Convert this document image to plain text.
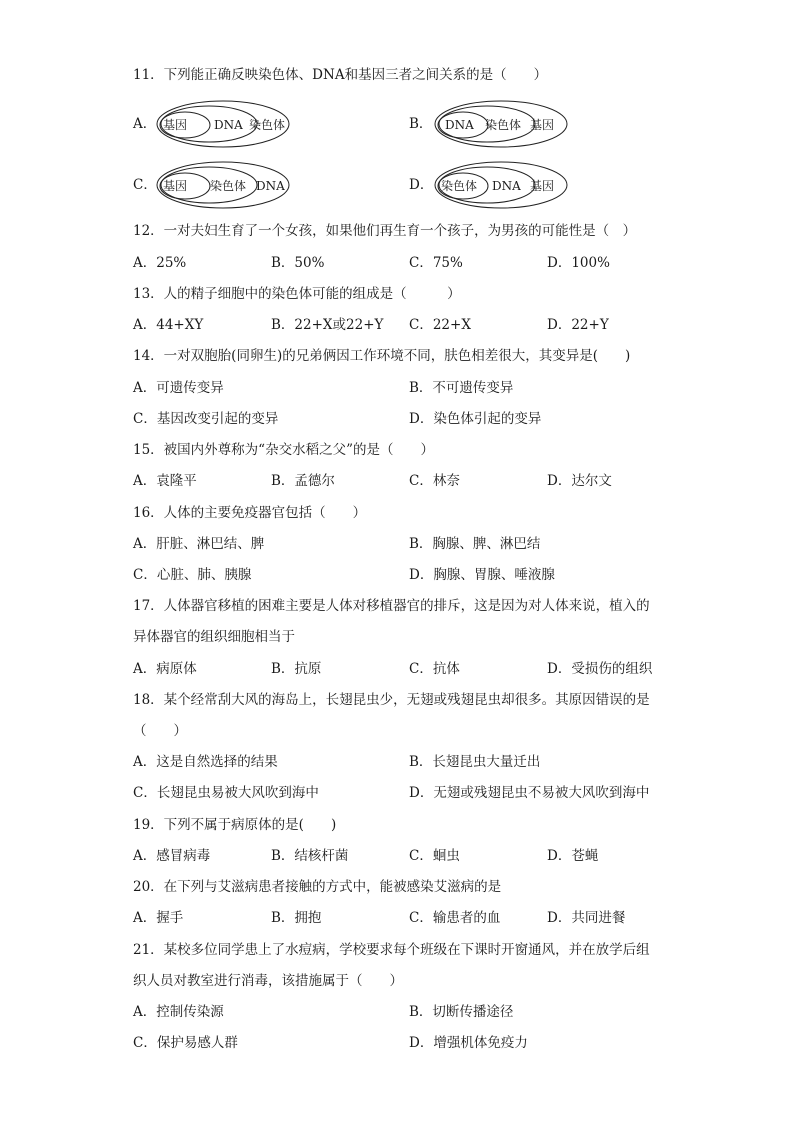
11．下列能正确反映染色体、DNA和基因三者之间关系的是（　　）
A． 基因 DNA 染色体	B． DNA 染色体 基因
C． 基因 染色体 DNA	D． 染色体 DNA 基因
12．一对夫妇生育了一个女孩，如果他们再生育一个孩子，为男孩的可能性是（　）
A．25%	B．50%	C．75%	D．100%
13．人的精子细胞中的染色体可能的组成是（　　　）
A．44+XY	B．22+X或22+Y C．22+X	D．22+Y
14．一对双胞胎(同卵生)的兄弟俩因工作环境不同，肤色相差很大，其变异是(　　)
A．可遗传变异	B．不可遗传变异
C．基因改变引起的变异	D．染色体引起的变异
15．被国内外尊称为“杂交水稻之父”的是（　　）
A．袁隆平	B．孟德尔	C．林奈	D．达尔文
16．人体的主要免疫器官包括（　　）
A．肝脏、淋巴结、脾	B．胸腺、脾、淋巴结
C．心脏、肺、胰腺	D．胸腺、胃腺、唾液腺
17．人体器官移植的困难主要是人体对移植器官的排斥，这是因为对人体来说，植入的
异体器官的组织细胞相当于
A．病原体	B．抗原	C．抗体	D．受损伤的组织
18．某个经常刮大风的海岛上，长翅昆虫少，无翅或残翅昆虫却很多。其原因错误的是
（　　）
A．这是自然选择的结果	B．长翅昆虫大量迁出
C．长翅昆虫易被大风吹到海中	D．无翅或残翅昆虫不易被大风吹到海中
19．下列不属于病原体的是(　　)
A．感冒病毒	B．结核杆菌	C．蛔虫	D．苍蝇
20．在下列与艾滋病患者接触的方式中，能被感染艾滋病的是
A．握手	B．拥抱	C．输患者的血	D．共同进餐
21．某校多位同学患上了水痘病，学校要求每个班级在下课时开窗通风，并在放学后组
织人员对教室进行消毒，该措施属于（　　）
A．控制传染源	B．切断传播途径
C．保护易感人群	D．增强机体免疫力
